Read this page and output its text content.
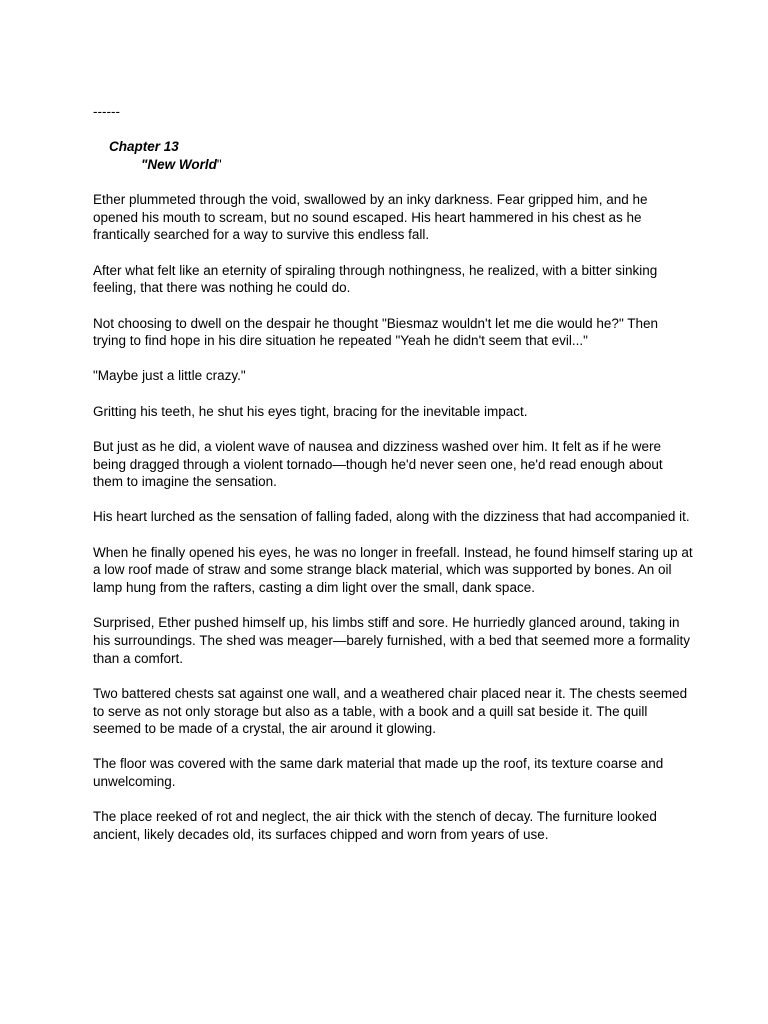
------

Chapter 13
"New World"

Ether plummeted through the void, swallowed by an inky darkness. Fear gripped him, and he opened his mouth to scream, but no sound escaped. His heart hammered in his chest as he frantically searched for a way to survive this endless fall.

After what felt like an eternity of spiraling through nothingness, he realized, with a bitter sinking feeling, that there was nothing he could do.

Not choosing to dwell on the despair he thought "Biesmaz wouldn't let me die would he?" Then trying to find hope in his dire situation he repeated "Yeah he didn't seem that evil..."

"Maybe just a little crazy."

Gritting his teeth, he shut his eyes tight, bracing for the inevitable impact.

But just as he did, a violent wave of nausea and dizziness washed over him. It felt as if he were being dragged through a violent tornado—though he'd never seen one, he'd read enough about them to imagine the sensation.

His heart lurched as the sensation of falling faded, along with the dizziness that had accompanied it.

When he finally opened his eyes, he was no longer in freefall. Instead, he found himself staring up at a low roof made of straw and some strange black material, which was supported by bones. An oil lamp hung from the rafters, casting a dim light over the small, dank space.

Surprised, Ether pushed himself up, his limbs stiff and sore. He hurriedly glanced around, taking in his surroundings. The shed was meager—barely furnished, with a bed that seemed more a formality than a comfort.

Two battered chests sat against one wall, and a weathered chair placed near it. The chests seemed to serve as not only storage but also as a table, with a book and a quill sat beside it. The quill seemed to be made of a crystal, the air around it glowing.

The floor was covered with the same dark material that made up the roof, its texture coarse and unwelcoming.

The place reeked of rot and neglect, the air thick with the stench of decay. The furniture looked ancient, likely decades old, its surfaces chipped and worn from years of use.
